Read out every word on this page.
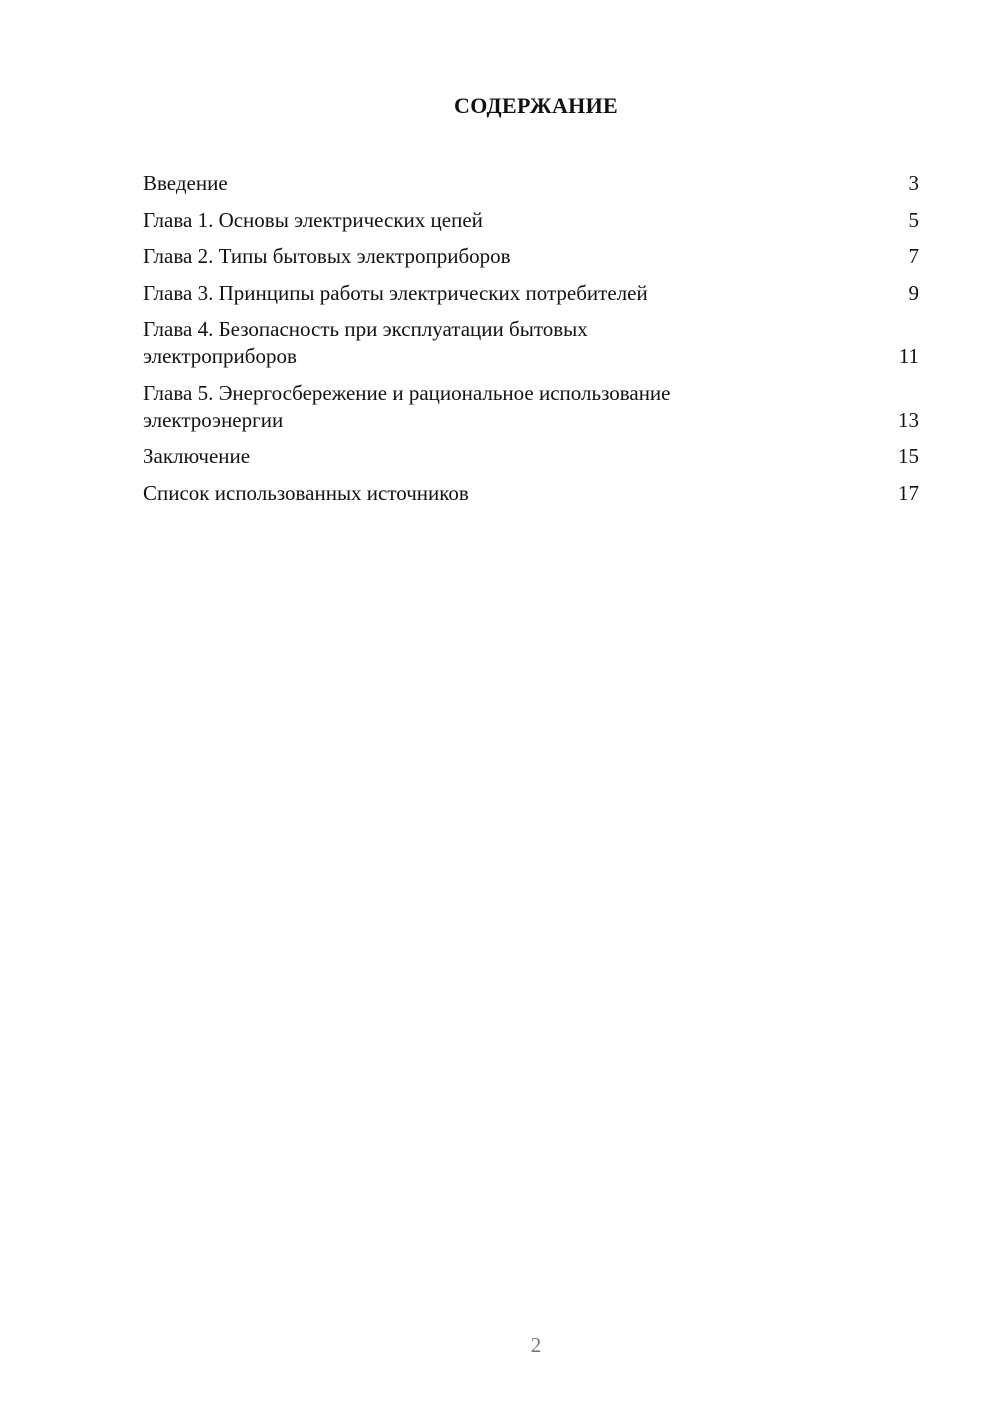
СОДЕРЖАНИЕ
Введение	3
Глава 1. Основы электрических цепей	5
Глава 2. Типы бытовых электроприборов	7
Глава 3. Принципы работы электрических потребителей	9
Глава 4. Безопасность при эксплуатации бытовых электроприборов	11
Глава 5. Энергосбережение и рациональное использование электроэнергии	13
Заключение	15
Список использованных источников	17
2
